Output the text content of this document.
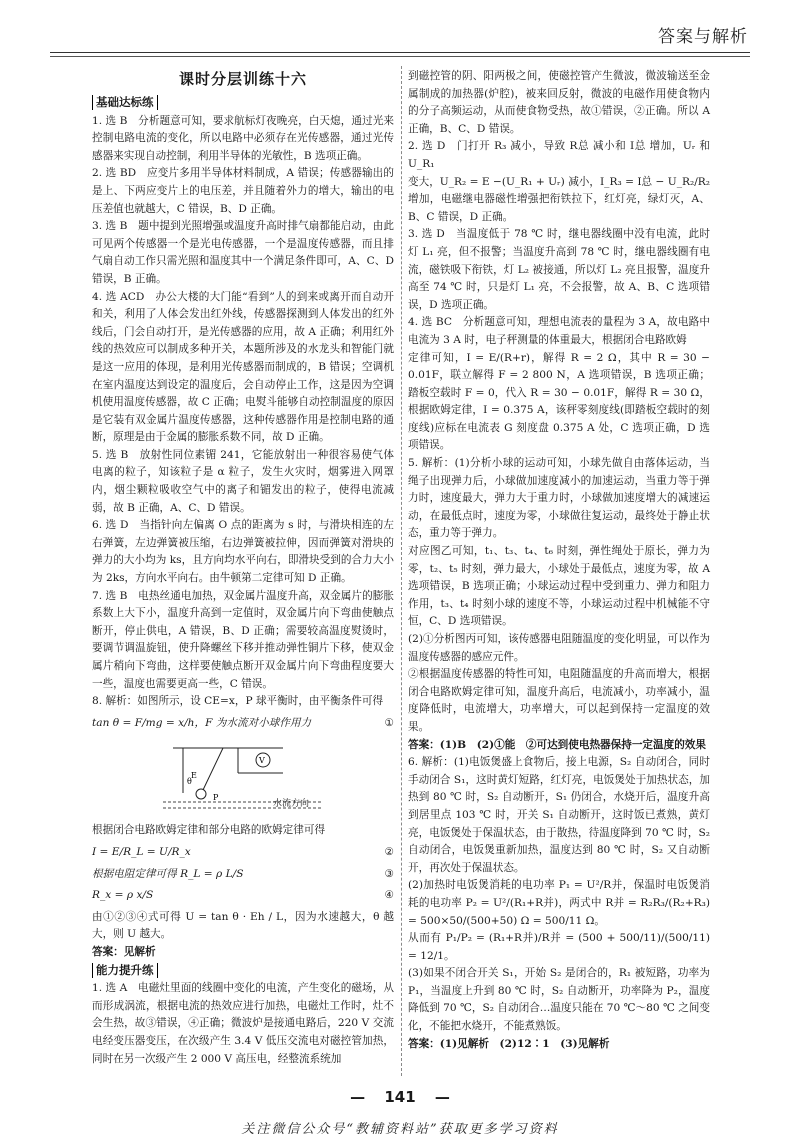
答案与解析
课时分层训练十六
基础达标练

1. 选 B　分析题意可知，要求航标灯夜晚亮，白天熄，通过光来控制电路电流的变化，所以电路中必须存在光传感器，通过光传感器来实现自动控制，利用半导体的光敏性，B 选项正确。

2. 选 BD　应变片多用半导体材料制成，A 错误；传感器输出的是上、下两应变片上的电压差，并且随着外力的增大，输出的电压差值也就越大，C 错误，B、D 正确。

3. 选 B　题中提到光照增强或温度升高时排气扇都能启动，由此可见两个传感器一个是光电传感器，一个是温度传感器，而且排气扇自动工作只需光照和温度其中一个满足条件即可，A、C、D 错误，B 正确。

4. 选 ACD　办公大楼的大门能“看到”人的到来或离开而自动开和关，利用了人体会发出红外线，传感器探测到人体发出的红外线后，门会自动打开，是光传感器的应用，故 A 正确；利用红外线的热效应可以制成多种开关，本题所涉及的水龙头和智能门就是这一应用的体现，是利用光传感器而制成的，B 错误；空调机在室内温度达到设定的温度后，会自动停止工作，这是因为空调机使用温度传感器，故 C 正确；电熨斗能够自动控制温度的原因是它装有双金属片温度传感器，这种传感器作用是控制电路的通断，原理是由于金属的膨胀系数不同，故 D 正确。

5. 选 B　放射性同位素镅 241，它能放射出一种很容易使气体电离的粒子，知该粒子是 α 粒子，发生火灾时，烟雾进入网罩内，烟尘颗粒吸收空气中的离子和镅发出的粒子，使得电流减弱，故 B 正确，A、C、D 错误。

6. 选 D　当指针向左偏离 O 点的距离为 s 时，与滑块相连的左右弹簧，左边弹簧被压缩，右边弹簧被拉伸，因而弹簧对滑块的弹力的大小均为 ks，且方向均水平向右，即滑块受到的合力大小为 2ks，方向水平向右。由牛顿第二定律可知 D 正确。

7. 选 B　电热丝通电加热，双金属片温度升高，双金属片的膨胀系数上大下小，温度升高到一定值时，双金属片向下弯曲使触点断开，停止供电，A 错误，B、D 正确；需要较高温度熨烫时，要调节调温旋钮，使升降螺丝下移并推动弹性铜片下移，使双金属片稍向下弯曲，这样要使触点断开双金属片向下弯曲程度要大一些，温度也需要更高一些，C 错误。

8. 解析：如图所示，设 CE=x，P 球平衡时，由平衡条件可得

tan θ = F/mg = x/h，F 为水流对小球作用力	①
V
θ
E
P
水流方向

根据闭合电路欧姆定律和部分电路的欧姆定律可得

I = E/R_L = U/R_x	②
根据电阻定律可得 R_L = ρ L/S	③
R_x = ρ x/S	④

由①②③④式可得 U = tan θ · Eh / L，因为水速越大，θ 越大，则 U 越大。

答案：见解析

能力提升练

1. 选 A　电磁灶里面的线圈中变化的电流，产生变化的磁场，从而形成涡流，根据电流的热效应进行加热，电磁灶工作时，灶不会生热，故③错误，④正确；微波炉是接通电路后，220 V 交流电经变压器变压，在次级产生 3.4 V 低压交流电对磁控管加热，同时在另一次级产生 2 000 V 高压电，经整流系统加

到磁控管的阴、阳两极之间，使磁控管产生微波，微波输送至金属制成的加热器(炉腔)，被来回反射，微波的电磁作用使食物内的分子高频运动，从而使食物受热，故①错误，②正确。所以 A 正确，B、C、D 错误。

2. 选 D　门打开 R₃ 减小，导致 R总 减小和 I总 增加，Uᵣ 和 U_R₁

变大，U_R₂ = E −(U_R₁ + Uᵣ) 减小，I_R₃ = I总 − U_R₂/R₂ 增加，电磁继电器磁性增强把衔铁拉下，红灯亮，绿灯灭，A、B、C 错误，D 正确。

3. 选 D　当温度低于 78 ℃ 时，继电器线圈中没有电流，此时灯 L₁ 亮，但不报警；当温度升高到 78 ℃ 时，继电器线圈有电流，磁铁吸下衔铁，灯 L₂ 被接通，所以灯 L₂ 亮且报警，温度升高至 74 ℃ 时，只是灯 L₁ 亮，不会报警，故 A、B、C 选项错误，D 选项正确。

4. 选 BC　分析题意可知，理想电流表的量程为 3 A，故电路中电流为 3 A 时，电子秤测量的体重最大，根据闭合电路欧姆

定律可知，I = E/(R+r)，解得 R = 2 Ω，其中 R = 30 − 0.01F，联立解得 F = 2 800 N，A 选项错误，B 选项正确；踏板空载时 F = 0，代入 R = 30 − 0.01F，解得 R = 30 Ω，根据欧姆定律，I = 0.375 A，该秤零刻度线(即踏板空载时的刻度线)应标在电流表 G 刻度盘 0.375 A 处，C 选项正确，D 选项错误。

5. 解析：(1)分析小球的运动可知，小球先做自由落体运动，当绳子出现弹力后，小球做加速度减小的加速运动，当重力等于弹力时，速度最大，弹力大于重力时，小球做加速度增大的减速运动，在最低点时，速度为零，小球做往复运动，最终处于静止状态，重力等于弹力。

对应图乙可知，t₁、t₃、t₄、t₆ 时刻，弹性绳处于原长，弹力为零，t₂、t₅ 时刻，弹力最大，小球处于最低点，速度为零，故 A 选项错误，B 选项正确；小球运动过程中受到重力、弹力和阻力作用，t₃、t₄ 时刻小球的速度不等，小球运动过程中机械能不守恒，C、D 选项错误。

(2)①分析图丙可知，该传感器电阻随温度的变化明显，可以作为温度传感器的感应元件。

②根据温度传感器的特性可知，电阻随温度的升高而增大，根据闭合电路欧姆定律可知，温度升高后，电流减小，功率减小，温度降低时，电流增大，功率增大，可以起到保持一定温度的效果。

答案：(1)B　(2)①能　②可达到使电热器保持一定温度的效果

6. 解析：(1)电饭煲盛上食物后，接上电源，S₂ 自动闭合，同时手动闭合 S₁，这时黄灯短路，红灯亮，电饭煲处于加热状态，加热到 80 ℃ 时，S₂ 自动断开，S₁ 仍闭合，水烧开后，温度升高到居里点 103 ℃ 时，开关 S₁ 自动断开，这时饭已煮熟，黄灯亮，电饭煲处于保温状态，由于散热，待温度降到 70 ℃ 时，S₂ 自动闭合，电饭煲重新加热，温度达到 80 ℃ 时，S₂ 又自动断开，再次处于保温状态。

(2)加热时电饭煲消耗的电功率 P₁ = U²/R并，保温时电饭煲消耗的电功率 P₂ = U²/(R₁+R并)，两式中 R并 = R₂R₃/(R₂+R₃) = 500×50/(500+50) Ω = 500/11 Ω。

从而有 P₁/P₂ = (R₁+R并)/R并 = (500 + 500/11)/(500/11) = 12/1。

(3)如果不闭合开关 S₁，开始 S₂ 是闭合的，R₁ 被短路，功率为 P₁，当温度上升到 80 ℃ 时，S₂ 自动断开，功率降为 P₂，温度降低到 70 ℃，S₂ 自动闭合…温度只能在 70 ℃～80 ℃ 之间变化，不能把水烧开，不能煮熟饭。

答案：(1)见解析　(2)12∶1　(3)见解析

— 141 —
关注微信公众号“教辅资料站”获取更多学习资料
